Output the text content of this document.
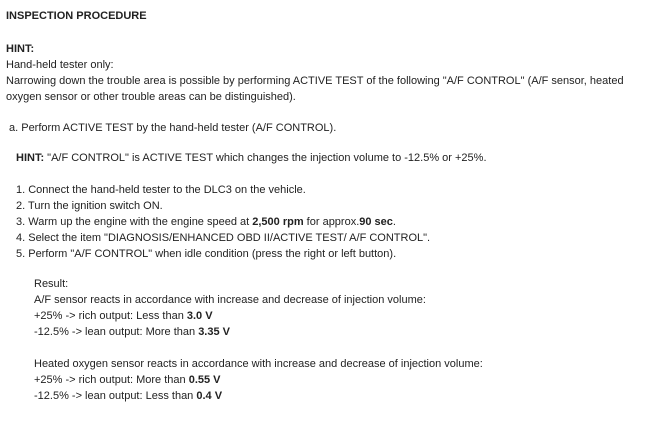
INSPECTION PROCEDURE
HINT:
Hand-held tester only:
Narrowing down the trouble area is possible by performing ACTIVE TEST of the following "A/F CONTROL" (A/F sensor, heated oxygen sensor or other trouble areas can be distinguished).
a. Perform ACTIVE TEST by the hand-held tester (A/F CONTROL).
HINT: "A/F CONTROL" is ACTIVE TEST which changes the injection volume to -12.5% or +25%.
1. Connect the hand-held tester to the DLC3 on the vehicle.
2. Turn the ignition switch ON.
3. Warm up the engine with the engine speed at 2,500 rpm for approx.90 sec.
4. Select the item "DIAGNOSIS/ENHANCED OBD II/ACTIVE TEST/ A/F CONTROL".
5. Perform "A/F CONTROL" when idle condition (press the right or left button).
Result:
A/F sensor reacts in accordance with increase and decrease of injection volume:
+25% -> rich output: Less than 3.0 V
-12.5% -> lean output: More than 3.35 V
Heated oxygen sensor reacts in accordance with increase and decrease of injection volume:
+25% -> rich output: More than 0.55 V
-12.5% -> lean output: Less than 0.4 V
